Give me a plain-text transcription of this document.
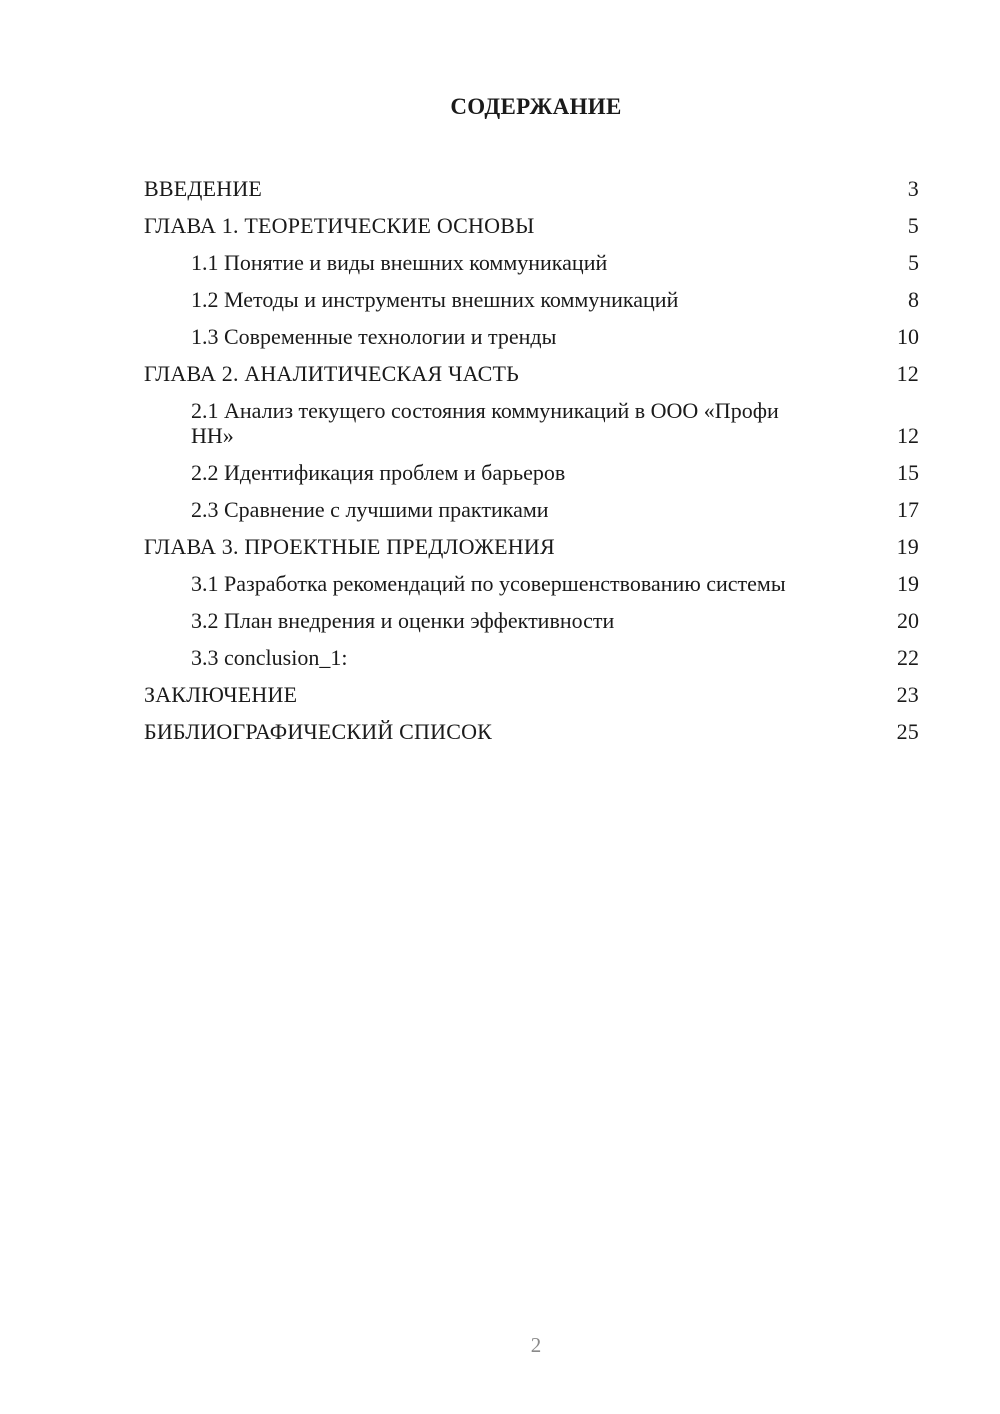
СОДЕРЖАНИЕ
ВВЕДЕНИЕ	3
ГЛАВА 1. ТЕОРЕТИЧЕСКИЕ ОСНОВЫ	5
1.1 Понятие и виды внешних коммуникаций	5
1.2 Методы и инструменты внешних коммуникаций	8
1.3 Современные технологии и тренды	10
ГЛАВА 2. АНАЛИТИЧЕСКАЯ ЧАСТЬ	12
2.1 Анализ текущего состояния коммуникаций в ООО «Профи НН»	12
2.2 Идентификация проблем и барьеров	15
2.3 Сравнение с лучшими практиками	17
ГЛАВА 3. ПРОЕКТНЫЕ ПРЕДЛОЖЕНИЯ	19
3.1 Разработка рекомендаций по усовершенствованию системы	19
3.2 План внедрения и оценки эффективности	20
3.3 conclusion_1:	22
ЗАКЛЮЧЕНИЕ	23
БИБЛИОГРАФИЧЕСКИЙ СПИСОК	25
2
